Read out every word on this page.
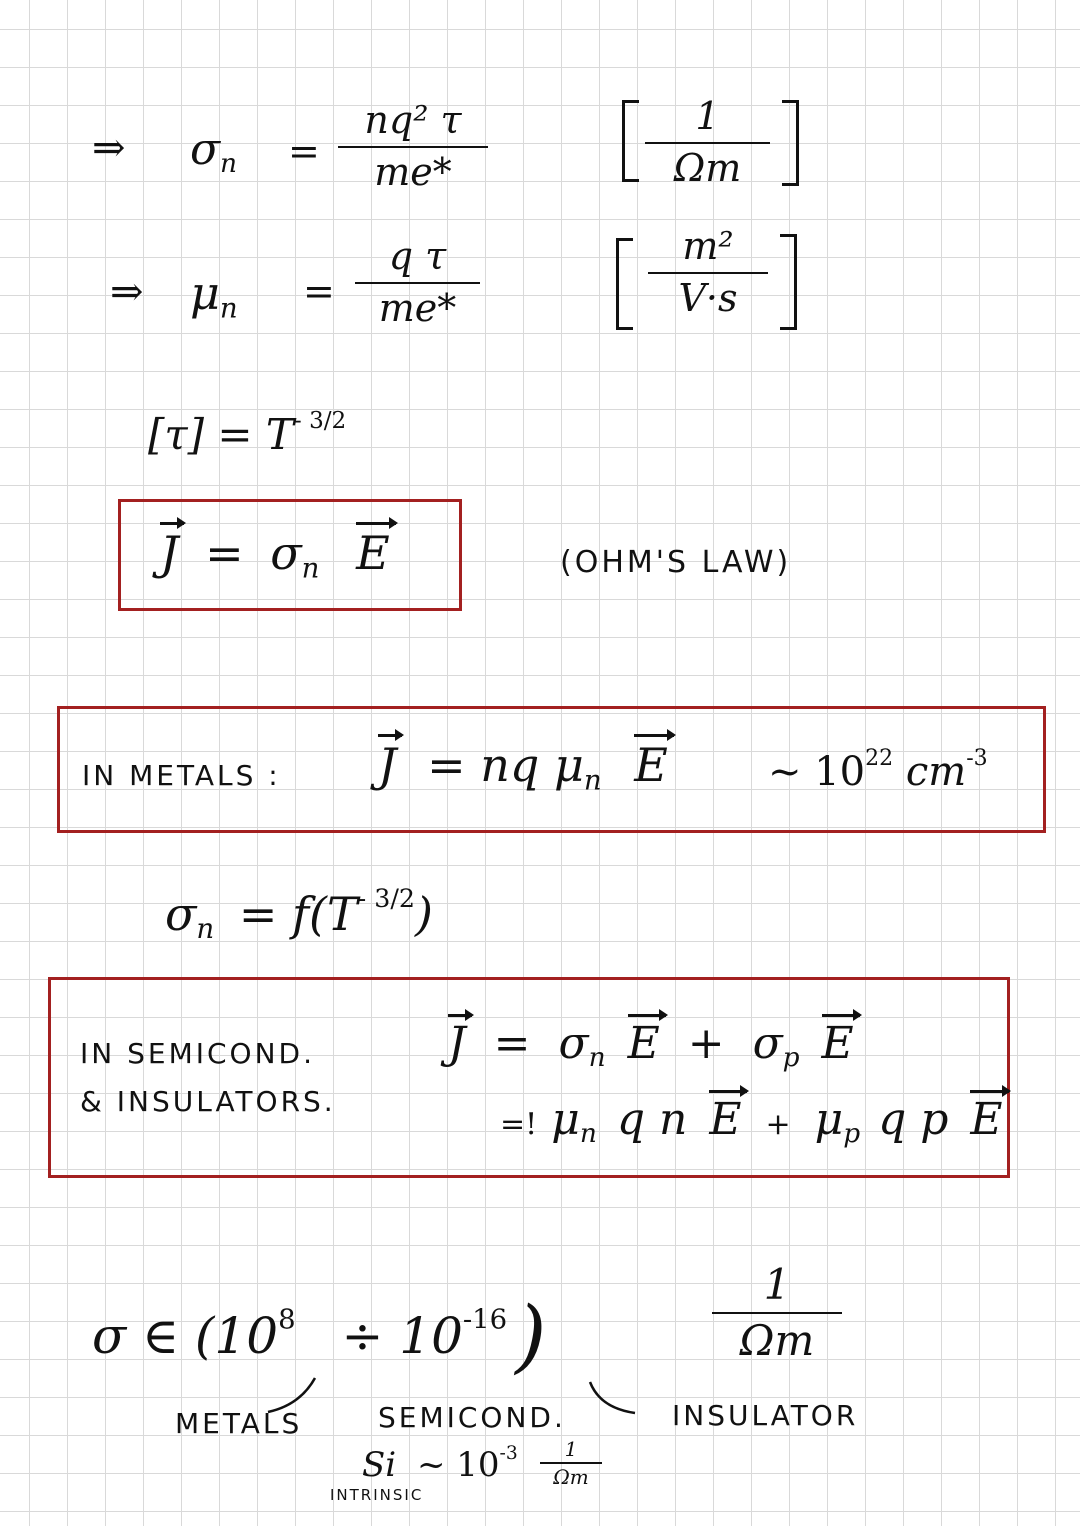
⇒ $\sigma_n$ =
nq² τ
me*
1
Ωm
⇒ $\mu_n$ =
q τ
me*
m²
V·s
$[\tau] = T^{- 3/2}$
$J = \sigma_n$ E	(OHM'S LAW)
IN METALS : J = nq $\mu_n$ E	~ $10^{22}$ $cm^{-3}$
$\sigma_n = f(T^{- 3/2})$
IN SEMICOND.
& INSULATORS.
$J = \sigma_n$ $E + \sigma_p$ E
=! $\mu_n$ q n $E + \mu_p$ q p E
σ ∈ ($10^8 \div 10^{-16}$ )
1
Ωm
METALS	SEMICOND.	INSULATOR
Si ~ $10^{-3}$ 1
Ωm
INTRINSIC
